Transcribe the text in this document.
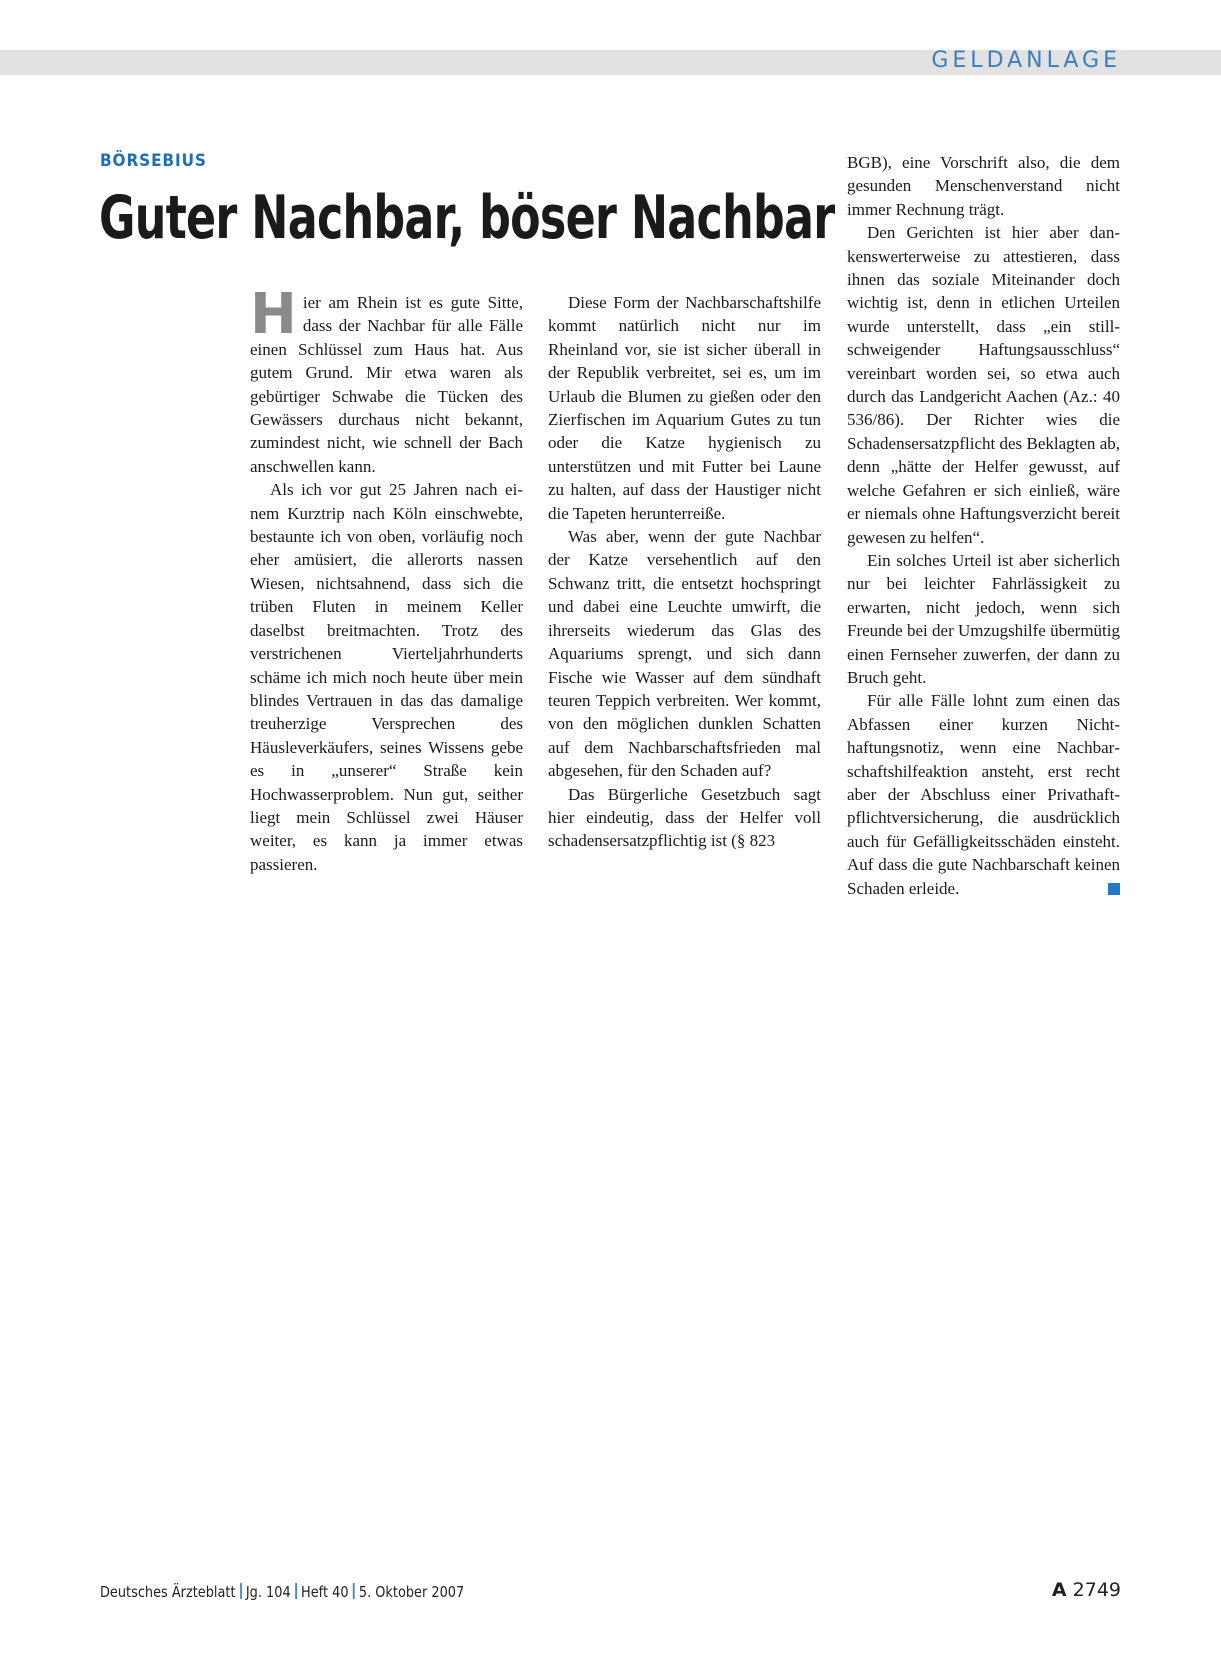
GELDANLAGE
BÖRSEBIUS
Guter Nachbar, böser Nachbar

Hier am Rhein ist es gute Sitte, dass der Nachbar für alle Fälle einen Schlüssel zum Haus hat. Aus gutem Grund. Mir etwa waren als gebürtiger Schwabe die Tücken des Gewässers durchaus nicht bekannt, zumindest nicht, wie schnell der Bach anschwellen kann.

Als ich vor gut 25 Jahren nach einem Kurztrip nach Köln einschwebte, bestaunte ich von oben, vorläufig noch eher amüsiert, die allerorts nassen Wiesen, nichtsahnend, dass sich die trüben Fluten in meinem Keller daselbst breitmachten. Trotz des verstrichenen Vierteljahrhunderts schäme ich mich noch heute über mein blindes Vertrauen in das das damalige treuherzige Versprechen des Häusleverkäufers, seines Wissens gebe es in „unserer“ Straße kein Hochwasserproblem. Nun gut, seither liegt mein Schlüssel zwei Häuser weiter, es kann ja immer etwas passieren.

Diese Form der Nachbarschaftshilfe kommt natürlich nicht nur im Rheinland vor, sie ist sicher überall in der Republik verbreitet, sei es, um im Urlaub die Blumen zu gießen oder den Zierfischen im Aquarium Gutes zu tun oder die Katze hygienisch zu unterstützen und mit Futter bei Laune zu halten, auf dass der Haustiger nicht die Tapeten herunterreiße.

Was aber, wenn der gute Nachbar der Katze versehentlich auf den Schwanz tritt, die entsetzt hochspringt und dabei eine Leuchte umwirft, die ihrerseits wiederum das Glas des Aquariums sprengt, und sich dann Fische wie Wasser auf dem sündhaft teuren Teppich verbreiten. Wer kommt, von den möglichen dunklen Schatten auf dem Nachbarschaftsfrieden mal abgesehen, für den Schaden auf?

Das Bürgerliche Gesetzbuch sagt hier eindeutig, dass der Helfer voll schadensersatzpflichtig ist (§ 823

BGB), eine Vorschrift also, die dem gesunden Menschenverstand nicht immer Rechnung trägt.

Den Gerichten ist hier aber dankenswerterweise zu attestieren, dass ihnen das soziale Miteinander doch wichtig ist, denn in etlichen Urteilen wurde unterstellt, dass „ein stillschweigender Haftungsausschluss“ vereinbart worden sei, so etwa auch durch das Landgericht Aachen (Az.: 40 536/86). Der Richter wies die Schadensersatzpflicht des Beklagten ab, denn „hätte der Helfer gewusst, auf welche Gefahren er sich einließ, wäre er niemals ohne Haftungsverzicht bereit gewesen zu helfen“.

Ein solches Urteil ist aber sicherlich nur bei leichter Fahrlässigkeit zu erwarten, nicht jedoch, wenn sich Freunde bei der Umzugshilfe übermütig einen Fernseher zuwerfen, der dann zu Bruch geht.

Für alle Fälle lohnt zum einen das Abfassen einer kurzen Nichthaftungsnotiz, wenn eine Nachbarschaftshilfeaktion ansteht, erst recht aber der Abschluss einer Privathaftpflichtversicherung, die ausdrücklich auch für Gefälligkeitsschäden einsteht. Auf dass die gute Nachbarschaft keinen Schaden erleide.

Deutsches Ärzteblatt Jg. 104 Heft 40 5. Oktober 2007	A 2749
